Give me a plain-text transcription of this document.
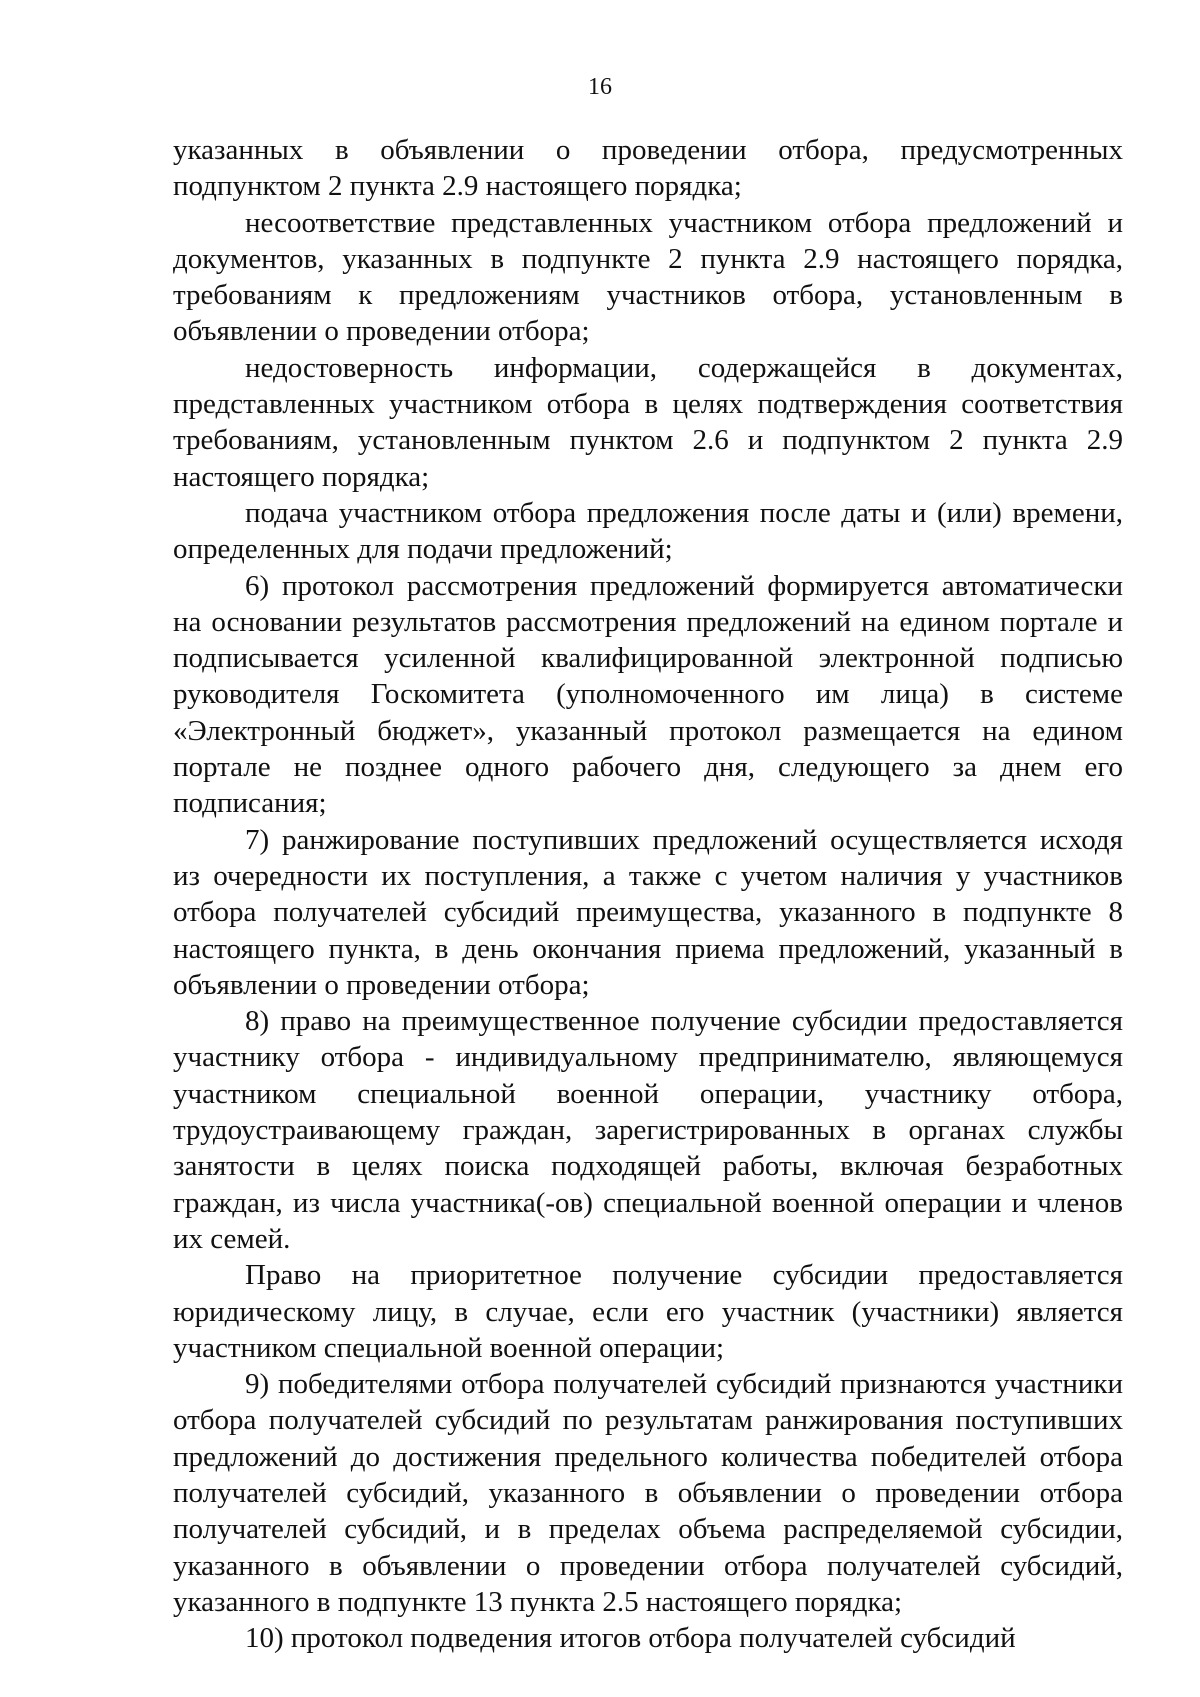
16

указанных в объявлении о проведении отбора, предусмотренных подпунктом 2 пункта 2.9 настоящего порядка;

несоответствие представленных участником отбора предложений и документов, указанных в подпункте 2 пункта 2.9 настоящего порядка, требованиям к предложениям участников отбора, установленным в объявлении о проведении отбора;

недостоверность информации, содержащейся в документах, представленных участником отбора в целях подтверждения соответствия требованиям, установленным пунктом 2.6 и подпунктом 2 пункта 2.9 настоящего порядка;

подача участником отбора предложения после даты и (или) времени, определенных для подачи предложений;

6) протокол рассмотрения предложений формируется автоматически на основании результатов рассмотрения предложений на едином портале и подписывается усиленной квалифицированной электронной подписью руководителя Госкомитета (уполномоченного им лица) в системе «Электронный бюджет», указанный протокол размещается на едином портале не позднее одного рабочего дня, следующего за днем его подписания;

7) ранжирование поступивших предложений осуществляется исходя из очередности их поступления, а также с учетом наличия у участников отбора получателей субсидий преимущества, указанного в подпункте 8 настоящего пункта, в день окончания приема предложений, указанный в объявлении о проведении отбора;

8) право на преимущественное получение субсидии предоставляется участнику отбора - индивидуальному предпринимателю, являющемуся участником специальной военной операции, участнику отбора, трудоустраивающему граждан, зарегистрированных в органах службы занятости в целях поиска подходящей работы, включая безработных граждан, из числа участника(-ов) специальной военной операции и членов их семей.

Право на приоритетное получение субсидии предоставляется юридическому лицу, в случае, если его участник (участники) является участником специальной военной операции;

9) победителями отбора получателей субсидий признаются участники отбора получателей субсидий по результатам ранжирования поступивших предложений до достижения предельного количества победителей отбора получателей субсидий, указанного в объявлении о проведении отбора получателей субсидий, и в пределах объема распределяемой субсидии, указанного в объявлении о проведении отбора получателей субсидий, указанного в подпункте 13 пункта 2.5 настоящего порядка;

10) протокол подведения итогов отбора получателей субсидий
